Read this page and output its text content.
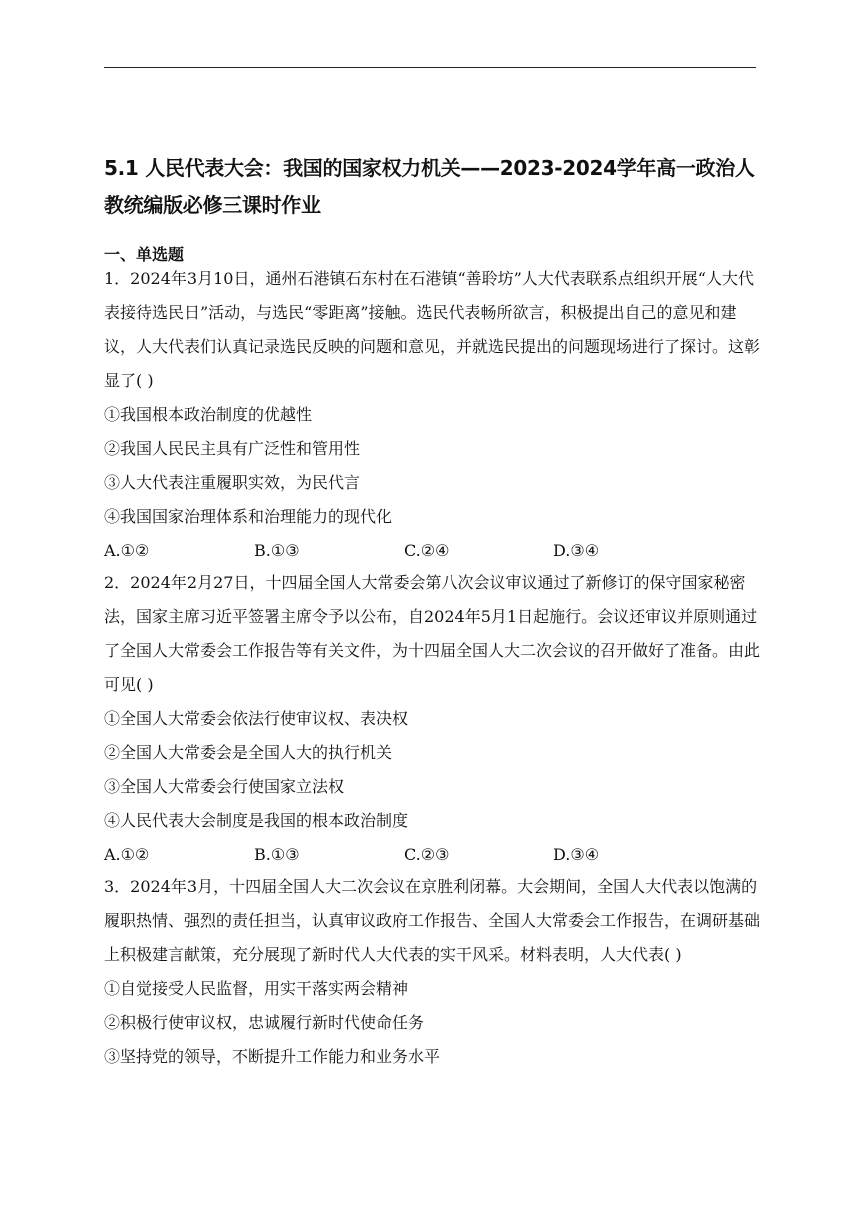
5.1 人民代表大会：我国的国家权力机关——2023-2024学年高一政治人教统编版必修三课时作业
一、单选题

1．2024年3月10日，通州石港镇石东村在石港镇“善聆坊”人大代表联系点组织开展“人大代表接待选民日”活动，与选民“零距离”接触。选民代表畅所欲言，积极提出自己的意见和建议，人大代表们认真记录选民反映的问题和意见，并就选民提出的问题现场进行了探讨。这彰显了( )

①我国根本政治制度的优越性

②我国人民民主具有广泛性和管用性

③人大代表注重履职实效，为民代言

④我国国家治理体系和治理能力的现代化

A.①②	B.①③	C.②④	D.③④

2．2024年2月27日，十四届全国人大常委会第八次会议审议通过了新修订的保守国家秘密法，国家主席习近平签署主席令予以公布，自2024年5月1日起施行。会议还审议并原则通过了全国人大常委会工作报告等有关文件，为十四届全国人大二次会议的召开做好了准备。由此可见( )

①全国人大常委会依法行使审议权、表决权

②全国人大常委会是全国人大的执行机关

③全国人大常委会行使国家立法权

④人民代表大会制度是我国的根本政治制度

A.①②	B.①③	C.②③	D.③④

3．2024年3月，十四届全国人大二次会议在京胜利闭幕。大会期间，全国人大代表以饱满的履职热情、强烈的责任担当，认真审议政府工作报告、全国人大常委会工作报告，在调研基础上积极建言献策，充分展现了新时代人大代表的实干风采。材料表明，人大代表( )

①自觉接受人民监督，用实干落实两会精神

②积极行使审议权，忠诚履行新时代使命任务

③坚持党的领导，不断提升工作能力和业务水平
